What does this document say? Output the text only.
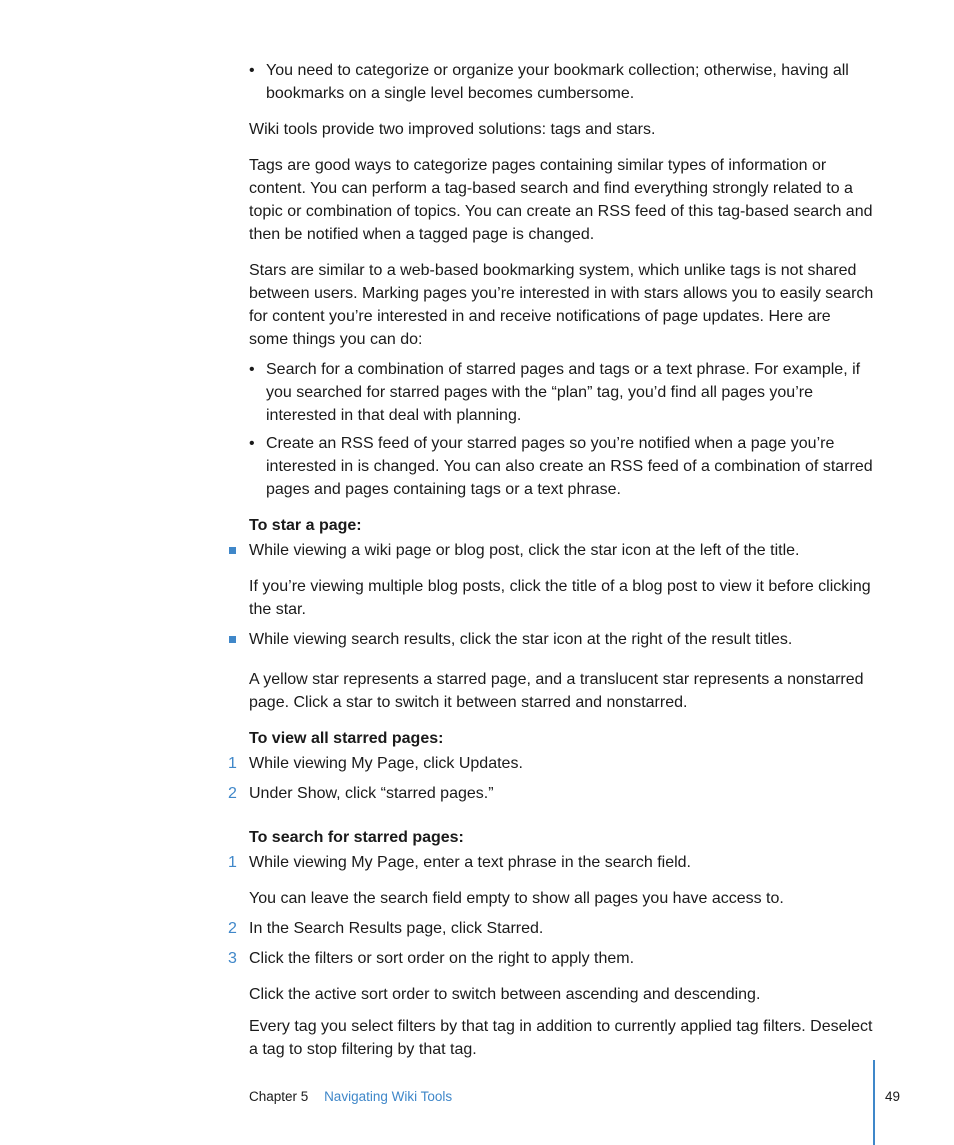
• You need to categorize or organize your bookmark collection; otherwise, having all bookmarks on a single level becomes cumbersome.

Wiki tools provide two improved solutions: tags and stars.

Tags are good ways to categorize pages containing similar types of information or content. You can perform a tag-based search and find everything strongly related to a topic or combination of topics. You can create an RSS feed of this tag-based search and then be notified when a tagged page is changed.

Stars are similar to a web-based bookmarking system, which unlike tags is not shared between users. Marking pages you’re interested in with stars allows you to easily search for content you’re interested in and receive notifications of page updates. Here are some things you can do:

• Search for a combination of starred pages and tags or a text phrase. For example, if you searched for starred pages with the “plan” tag, you’d find all pages you’re interested in that deal with planning.
• Create an RSS feed of your starred pages so you’re notified when a page you’re interested in is changed. You can also create an RSS feed of a combination of starred pages and pages containing tags or a text phrase.

To star a page:

While viewing a wiki page or blog post, click the star icon at the left of the title.

If you’re viewing multiple blog posts, click the title of a blog post to view it before clicking the star.

While viewing search results, click the star icon at the right of the result titles.

A yellow star represents a starred page, and a translucent star represents a nonstarred page. Click a star to switch it between starred and nonstarred.

To view all starred pages:

1 While viewing My Page, click Updates.

2 Under Show, click “starred pages.”

To search for starred pages:

1 While viewing My Page, enter a text phrase in the search field.

You can leave the search field empty to show all pages you have access to.

2 In the Search Results page, click Starred.

3 Click the filters or sort order on the right to apply them.

Click the active sort order to switch between ascending and descending.

Every tag you select filters by that tag in addition to currently applied tag filters. Deselect a tag to stop filtering by that tag.

Chapter 5 Navigating Wiki Tools	49
